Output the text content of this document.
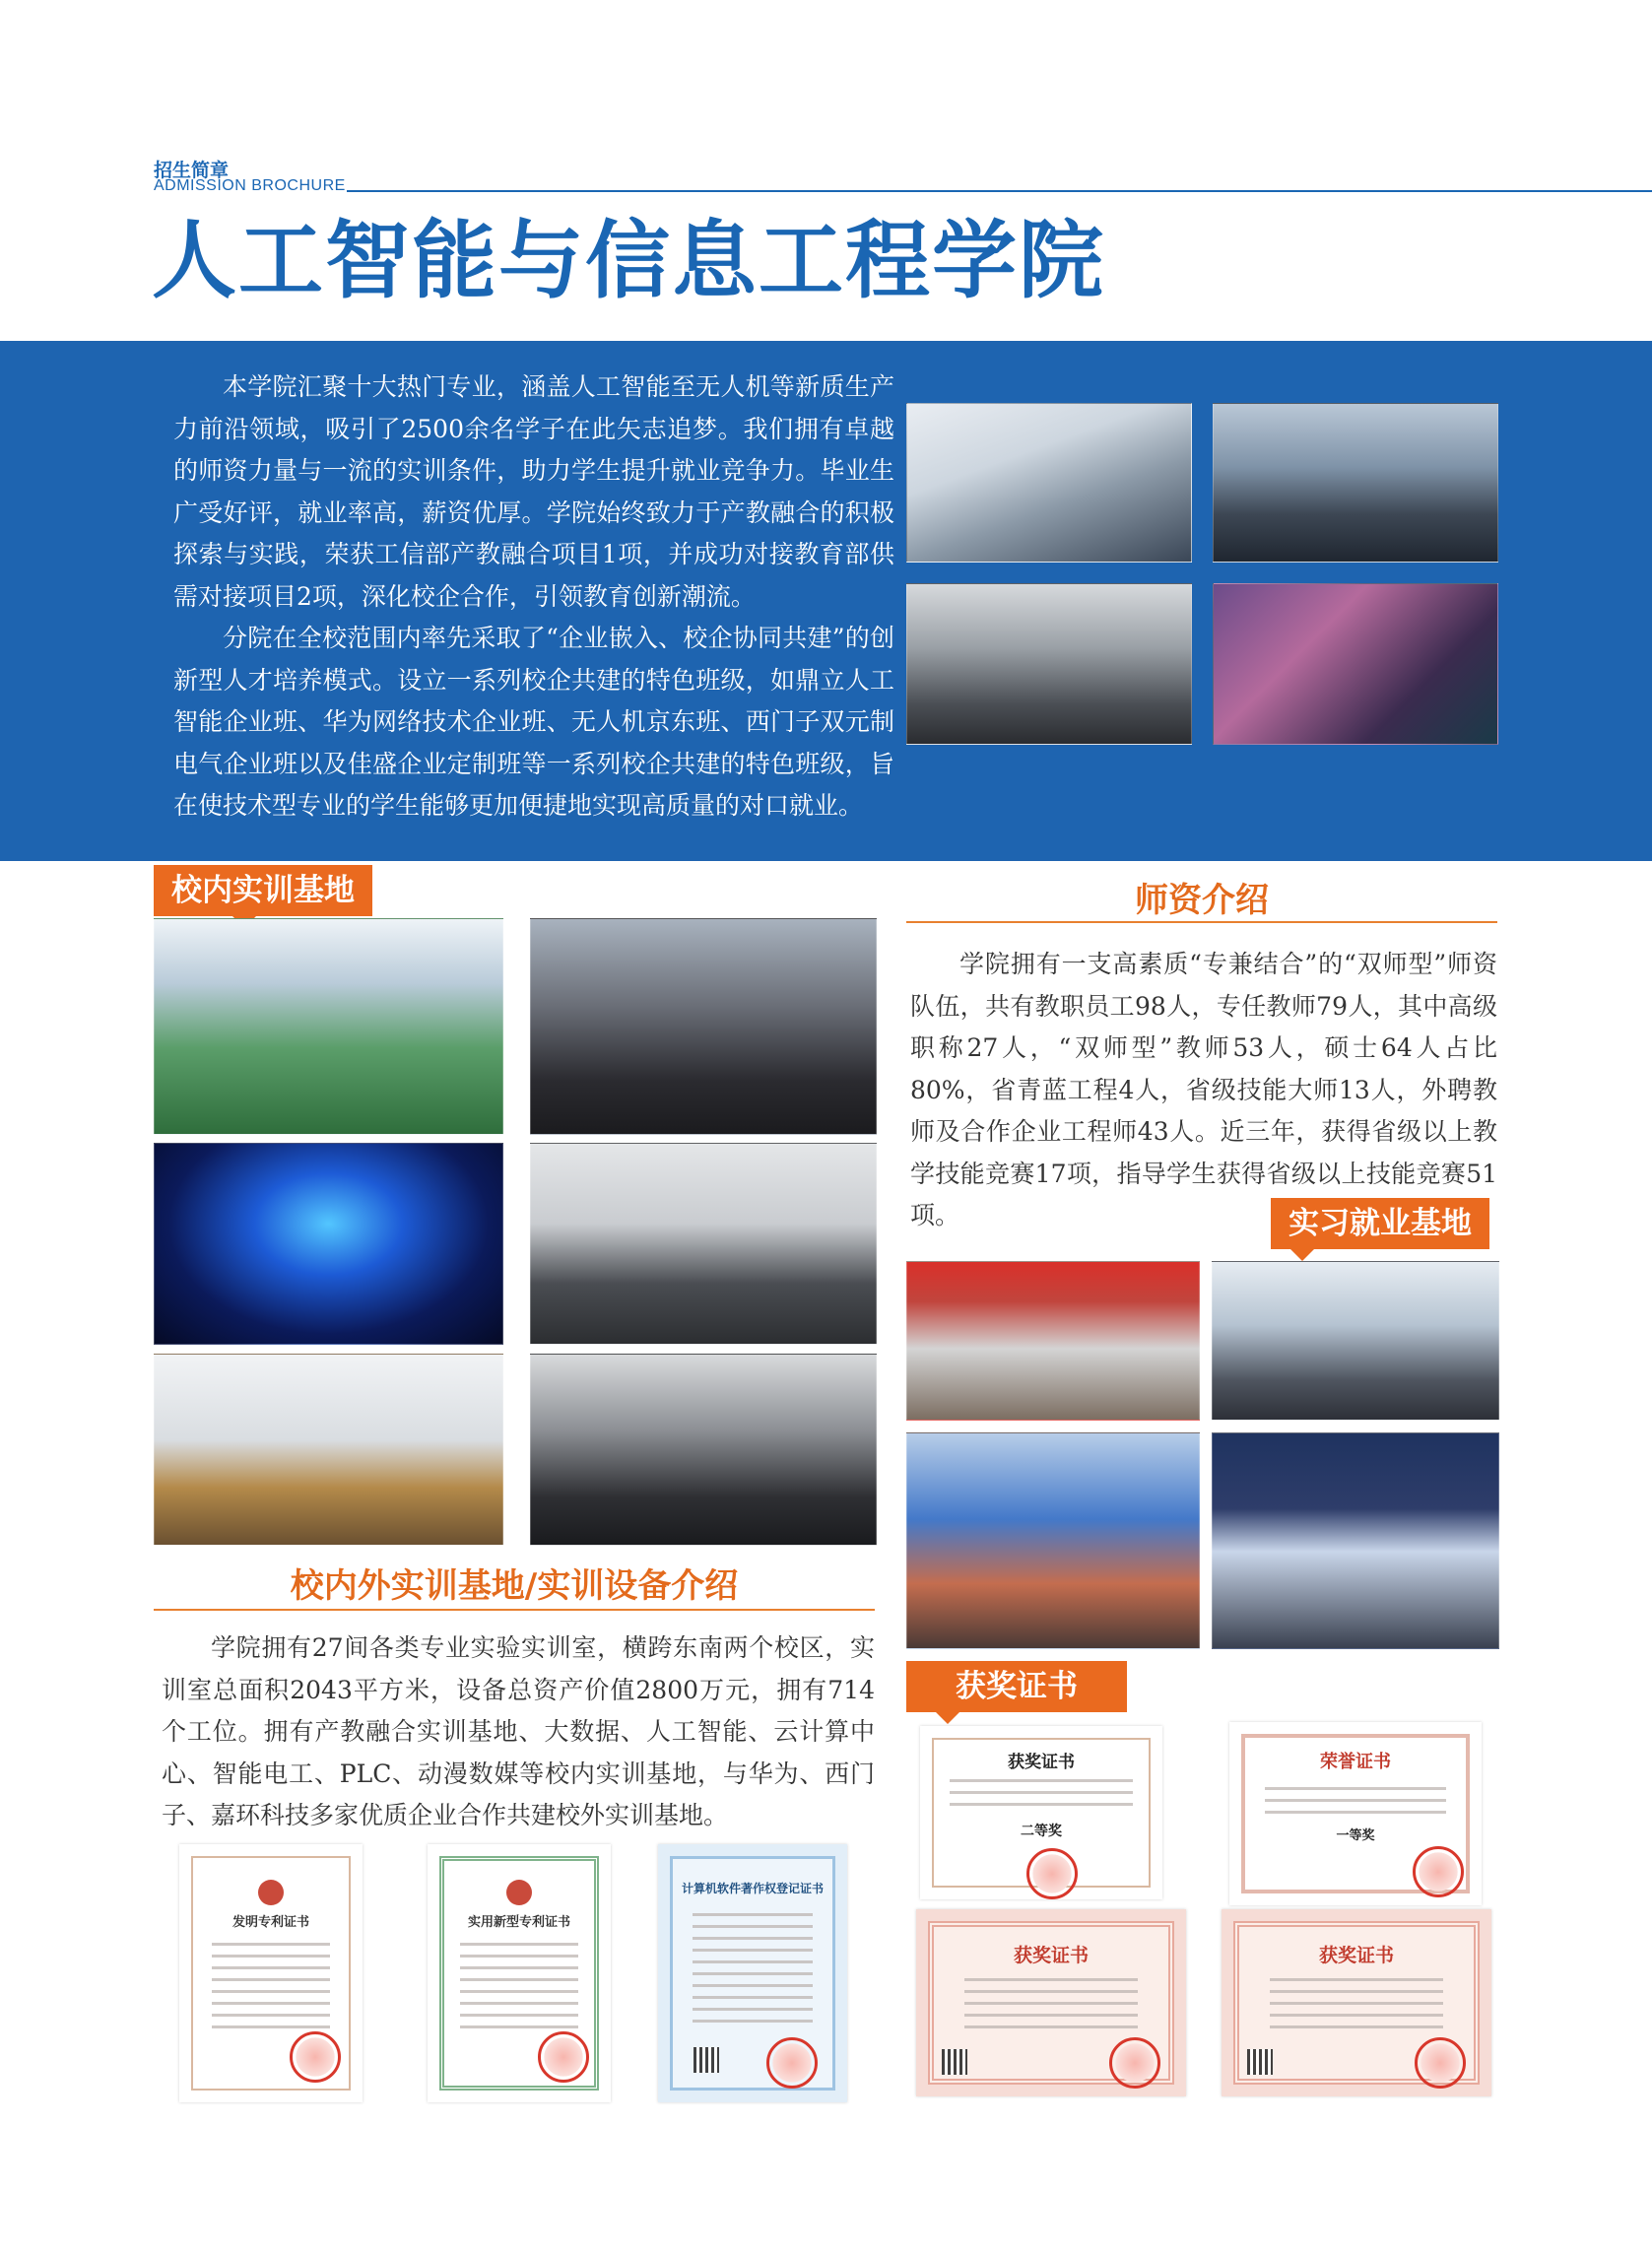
招生简章
ADMISSION BROCHURE
人工智能与信息工程学院

本学院汇聚十大热门专业，涵盖人工智能至无人机等新质生产力前沿领域，吸引了2500余名学子在此矢志追梦。我们拥有卓越的师资力量与一流的实训条件，助力学生提升就业竞争力。毕业生广受好评，就业率高，薪资优厚。学院始终致力于产教融合的积极探索与实践，荣获工信部产教融合项目1项，并成功对接教育部供需对接项目2项，深化校企合作，引领教育创新潮流。

分院在全校范围内率先采取了“企业嵌入、校企协同共建”的创新型人才培养模式。设立一系列校企共建的特色班级，如鼎立人工智能企业班、华为网络技术企业班、无人机京东班、西门子双元制电气企业班以及佳盛企业定制班等一系列校企共建的特色班级，旨在使技术型专业的学生能够更加便捷地实现高质量的对口就业。

校内实训基地
校内外实训基地/实训设备介绍

学院拥有27间各类专业实验实训室，横跨东南两个校区，实训室总面积2043平方米，设备总资产价值2800万元，拥有714个工位。拥有产教融合实训基地、大数据、人工智能、云计算中心、智能电工、PLC、动漫数媒等校内实训基地，与华为、西门子、嘉环科技多家优质企业合作共建校外实训基地。

师资介绍

学院拥有一支高素质“专兼结合”的“双师型”师资队伍，共有教职员工98人，专任教师79人，其中高级职称27人，“双师型”教师53人，硕士64人占比80%，省青蓝工程4人，省级技能大师13人，外聘教师及合作企业工程师43人。近三年，获得省级以上教学技能竞赛17项，指导学生获得省级以上技能竞赛51项。	实习就业基地
获奖证书
发明专利证书	实用新型专利证书
计算机软件著作权登记证书
获奖证书
二等奖
荣誉证书
一等奖
获奖证书	获奖证书
